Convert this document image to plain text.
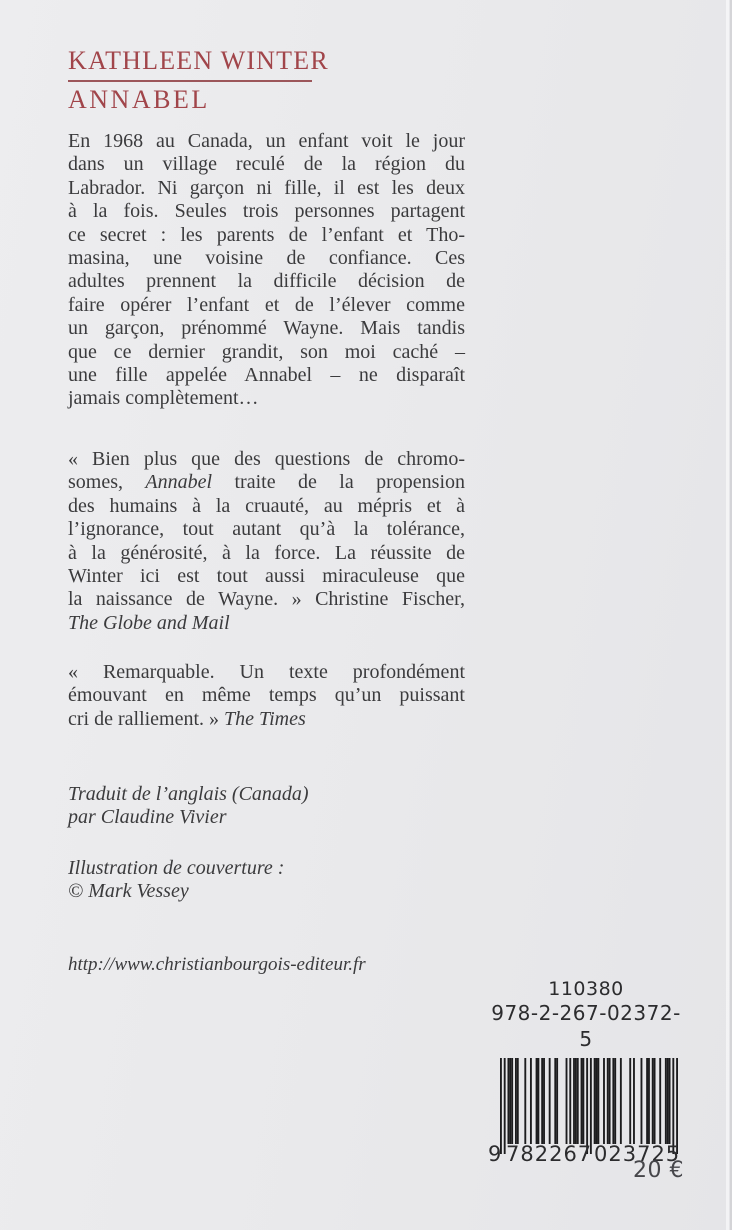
KATHLEEN WINTER
ANNABEL
En 1968 au Canada, un enfant voit le jour
dans un village reculé de la région du
Labrador. Ni garçon ni fille, il est les deux
à la fois. Seules trois personnes partagent
ce secret : les parents de l’enfant et Tho-
masina, une voisine de confiance. Ces
adultes prennent la difficile décision de
faire opérer l’enfant et de l’élever comme
un garçon, prénommé Wayne. Mais tandis
que ce dernier grandit, son moi caché –
une fille appelée Annabel – ne disparaît
jamais complètement…
« Bien plus que des questions de chromo-
somes, Annabel traite de la propension
des humains à la cruauté, au mépris et à
l’ignorance, tout autant qu’à la tolérance,
à la générosité, à la force. La réussite de
Winter ici est tout aussi miraculeuse que
la naissance de Wayne. » Christine Fischer,
The Globe and Mail
« Remarquable. Un texte profondément
émouvant en même temps qu’un puissant
cri de ralliement. » The Times
Traduit de l’anglais (Canada)
par Claudine Vivier
Illustration de couverture :
© Mark Vessey
http://www.christianbourgois-editeur.fr
110380
978-2-267-02372-5
9 782267 023725
20 €
